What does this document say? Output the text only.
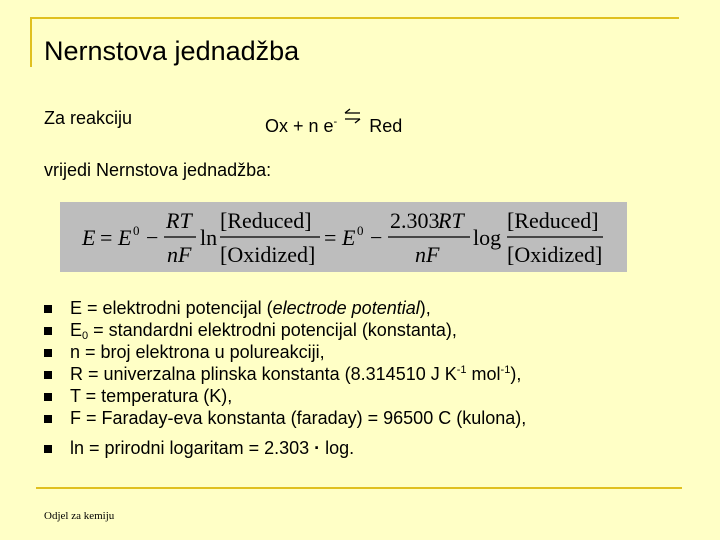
Nernstova jednadžba
Za reakciju	Ox + n e- ⇌ Red
vrijedi Nernstova jednadžba:
E = E 0 −
RT
nF
ln
[Reduced]
[Oxidized]
= E 0 −
2.303
RT
nF
log
[Reduced]
[Oxidized]
E = elektrodni potencijal (electrode potential),
$E_0$ = standardni elektrodni potencijal (konstanta),
n = broj elektrona u polureakciji,
R = univerzalna plinska konstanta (8.314510 J $K^{-1}$ mol$^{-1}$),
T = temperatura (K),
F = Faraday-eva konstanta (faraday) = 96500 C (kulona),
ln = prirodni logaritam = 2.303 · log.
Odjel za kemiju
